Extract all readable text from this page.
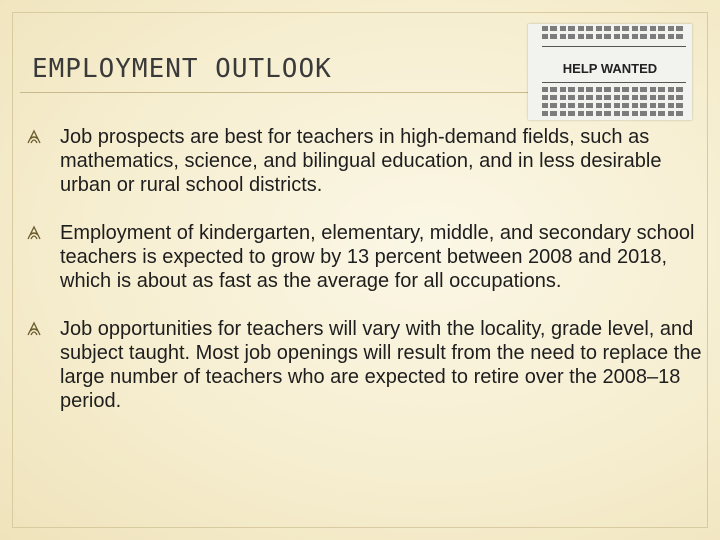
EMPLOYMENT OUTLOOK	HELP WANTED
Job prospects are best for teachers in high-demand fields, such as mathematics, science, and bilingual education, and in less desirable urban or rural school districts.
Employment of kindergarten, elementary, middle, and secondary school teachers is expected to grow by 13 percent between 2008 and 2018, which is about as fast as the average for all occupations.
Job opportunities for teachers will vary with the locality, grade level, and subject taught. Most job openings will result from the need to replace the large number of teachers who are expected to retire over the 2008–18 period.
